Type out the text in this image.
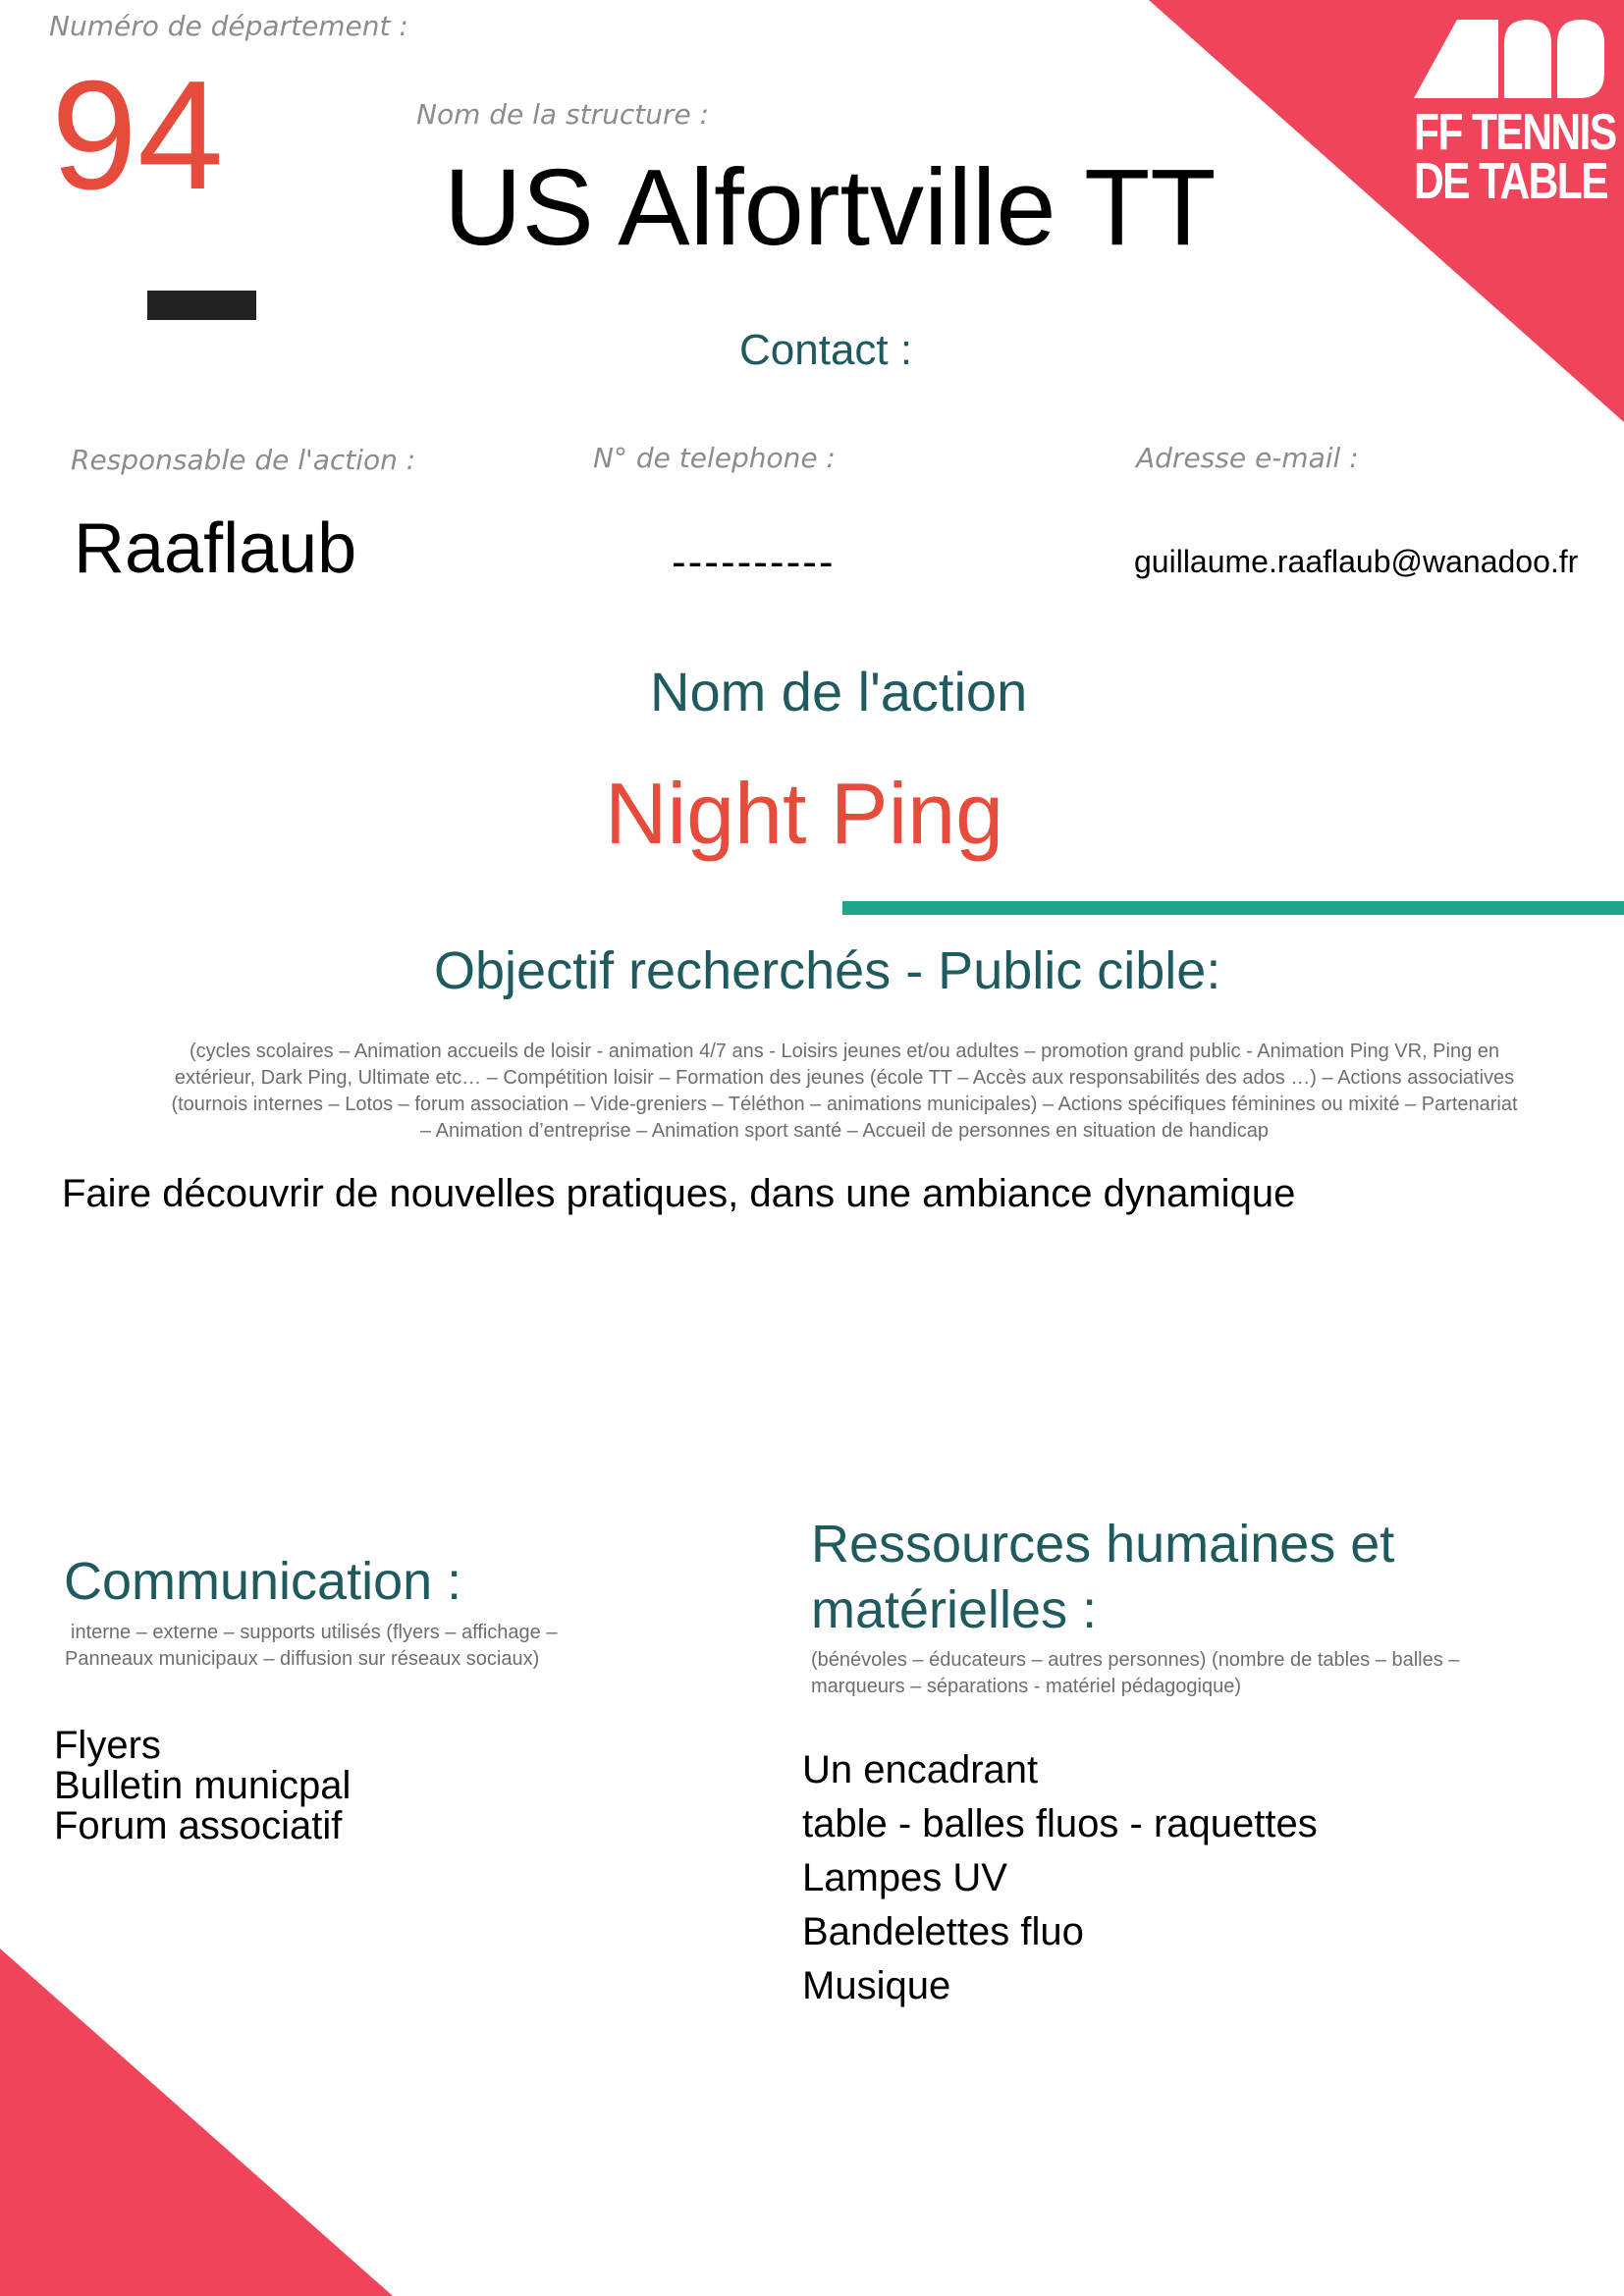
FF TENNIS
DE TABLE
Numéro de département :
94	Nom de la structure :
US Alfortville TT
Contact :
Responsable de l'action :
Raaflaub
N° de telephone :
----------
Adresse e-mail :
guillaume.raaflaub@wanadoo.fr
Nom de l'action
Night Ping
Objectif recherchés - Public cible:
(cycles scolaires – Animation accueils de loisir - animation 4/7 ans - Loisirs jeunes et/ou adultes – promotion grand public - Animation Ping VR, Ping en extérieur, Dark Ping, Ultimate etc… – Compétition loisir – Formation des jeunes (école TT – Accès aux responsabilités des ados …) – Actions associatives (tournois internes – Lotos – forum association – Vide-greniers – Téléthon – animations municipales) – Actions spécifiques féminines ou mixité – Partenariat – Animation d’entreprise – Animation sport santé – Accueil de personnes en situation de handicap
Faire découvrir de nouvelles pratiques, dans une ambiance dynamique
Communication :
interne – externe – supports utilisés (flyers – affichage – Panneaux municipaux – diffusion sur réseaux sociaux)
Flyers
Bulletin municpal
Forum associatif
Ressources humaines et matérielles :
(bénévoles – éducateurs – autres personnes) (nombre de tables – balles – marqueurs – séparations - matériel pédagogique)
Un encadrant
table - balles fluos - raquettes
Lampes UV
Bandelettes fluo
Musique
